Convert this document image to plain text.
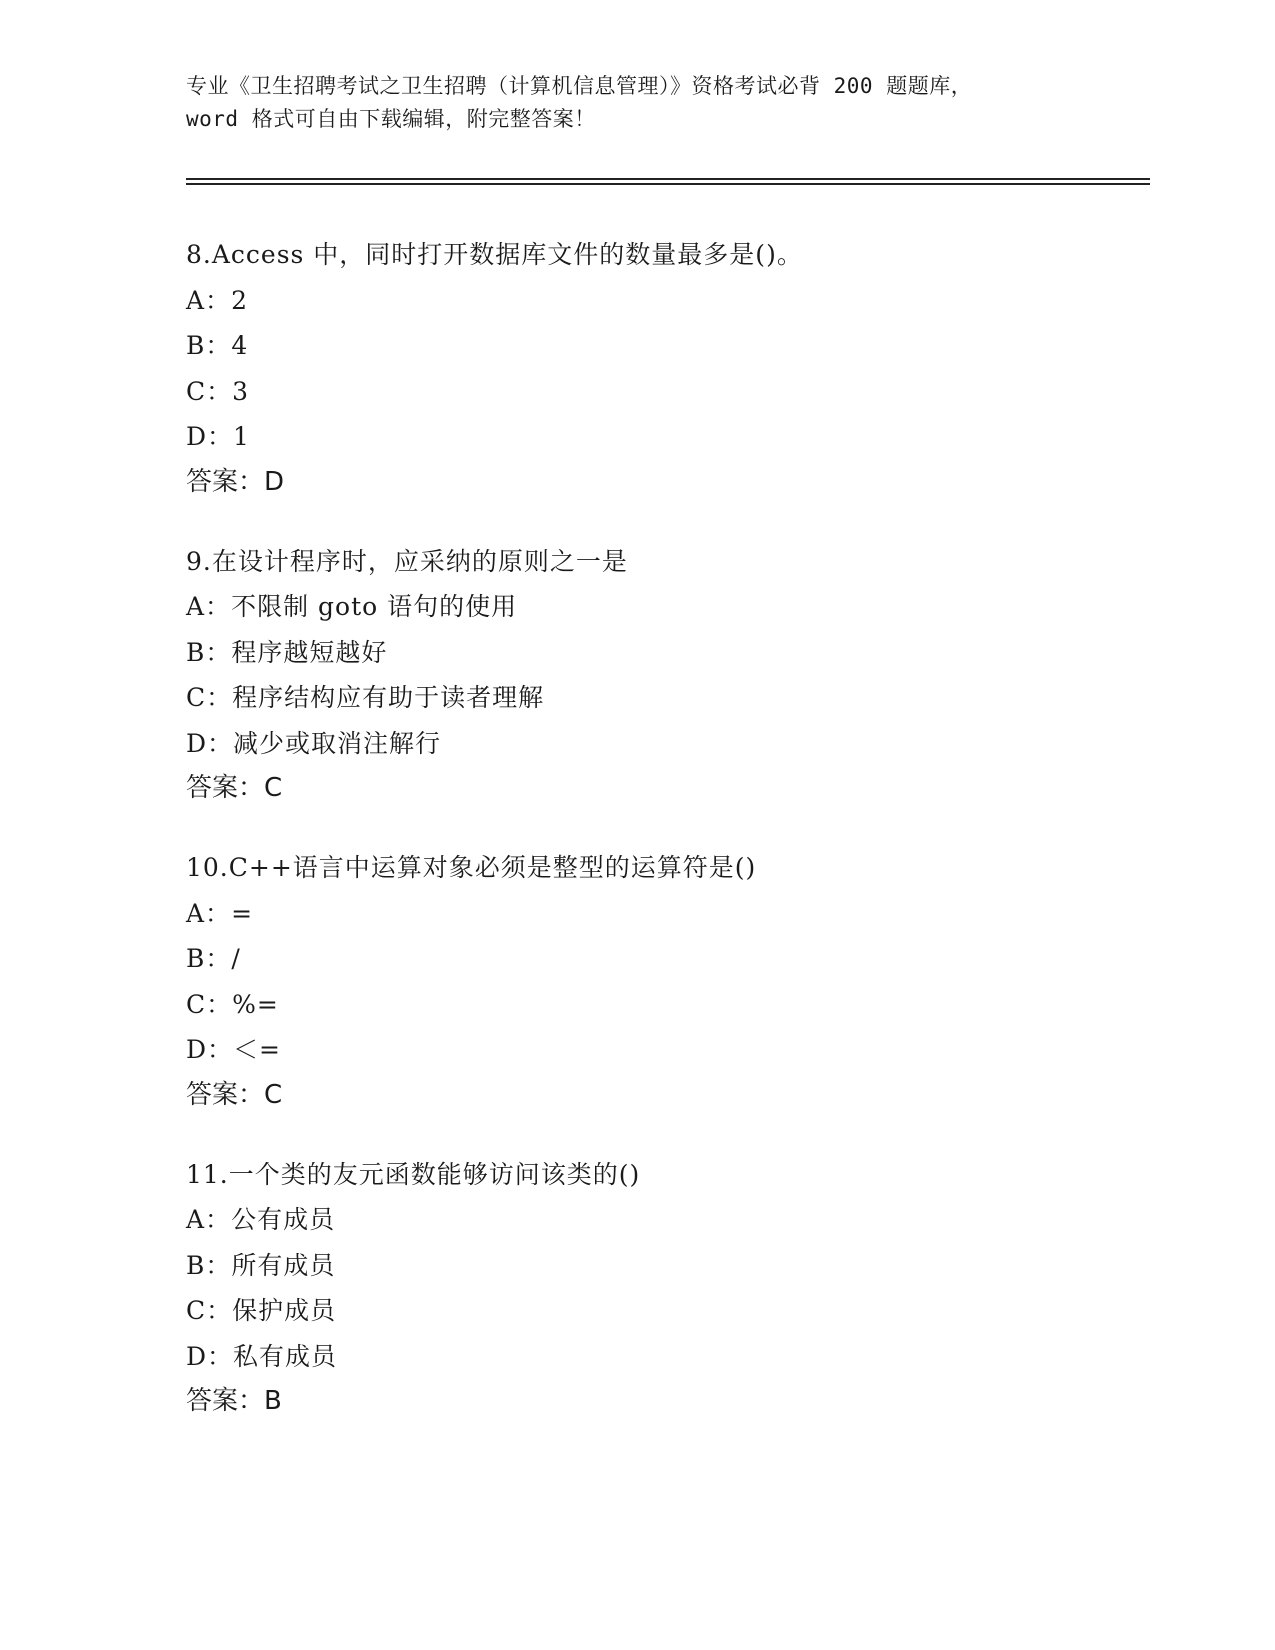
专业《卫生招聘考试之卫生招聘（计算机信息管理）》资格考试必背 200 题题库，
word 格式可自由下载编辑，附完整答案！
8.Access 中，同时打开数据库文件的数量最多是()。
A：2
B：4
C：3
D：1
答案：D
9.在设计程序时，应采纳的原则之一是
A：不限制 goto 语句的使用
B：程序越短越好
C：程序结构应有助于读者理解
D：减少或取消注解行
答案：C
10.C++语言中运算对象必须是整型的运算符是()
A：=
B：/
C：%=
D：＜=
答案：C
11.一个类的友元函数能够访问该类的()
A：公有成员
B：所有成员
C：保护成员
D：私有成员
答案：B
